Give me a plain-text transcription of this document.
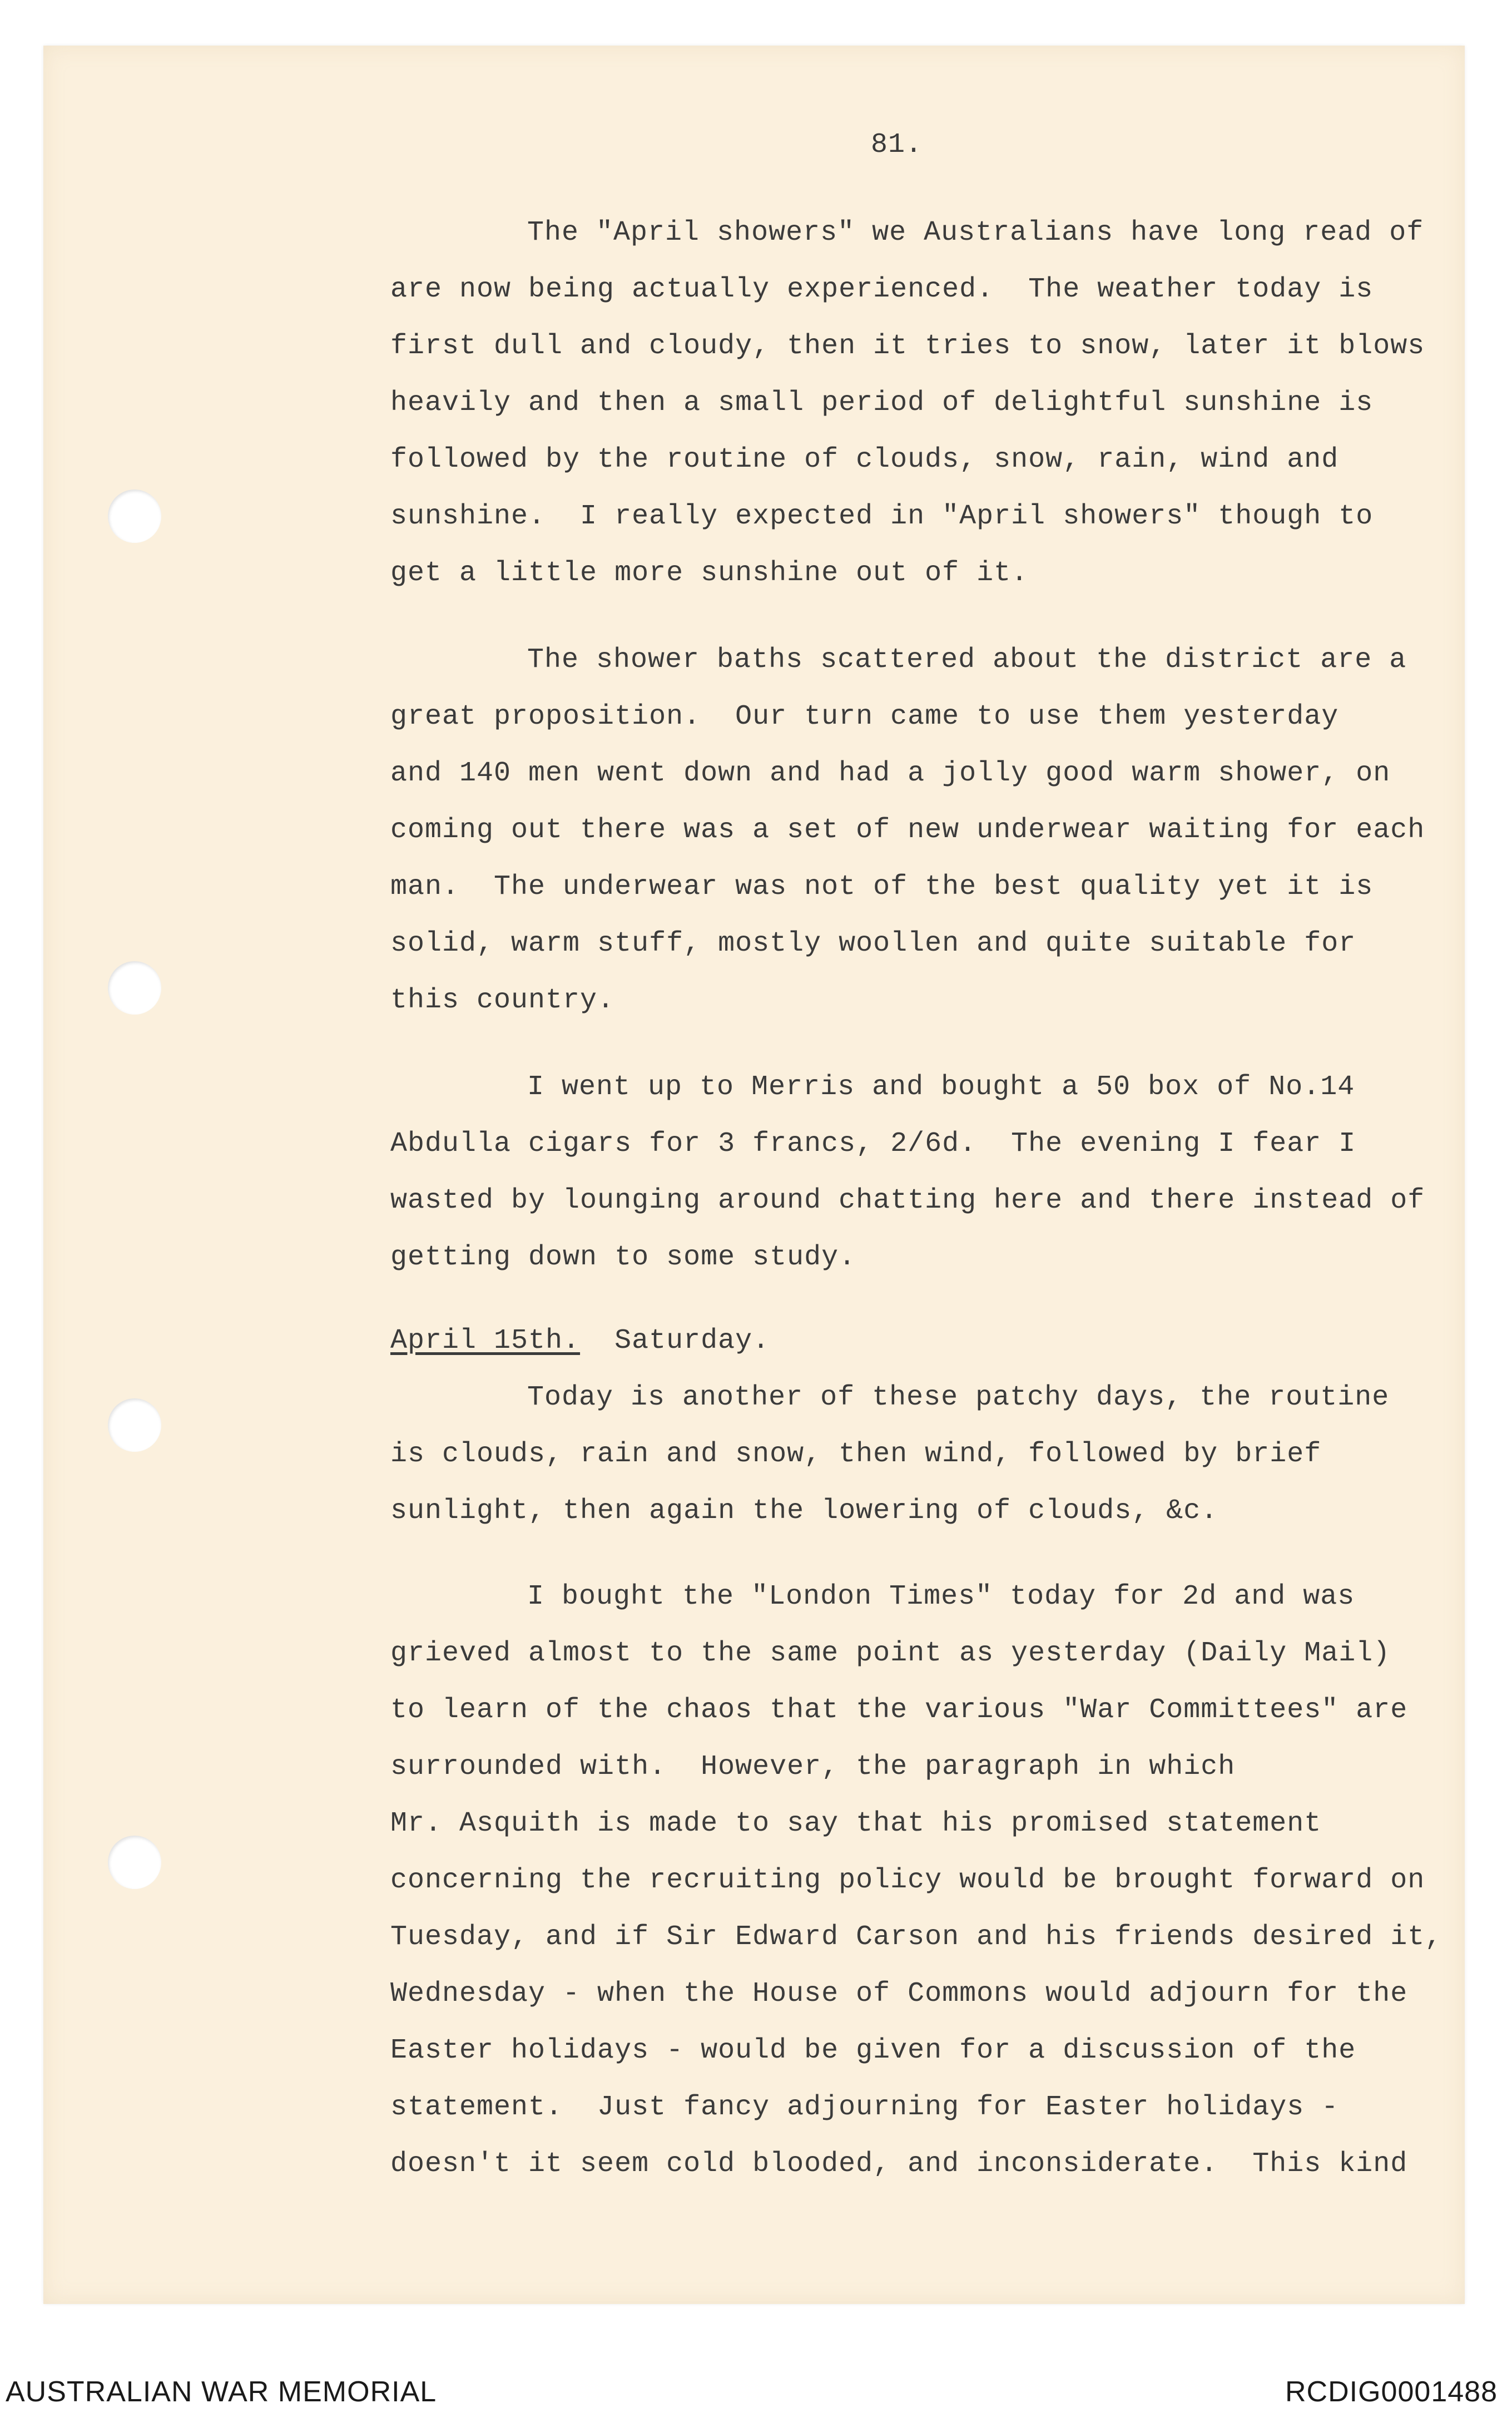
81.
The "April showers" we Australians have long read of
are now being actually experienced.  The weather today is
first dull and cloudy, then it tries to snow, later it blows
heavily and then a small period of delightful sunshine is
followed by the routine of clouds, snow, rain, wind and
sunshine.  I really expected in "April showers" though to
get a little more sunshine out of it.
The shower baths scattered about the district are a
great proposition.  Our turn came to use them yesterday
and 140 men went down and had a jolly good warm shower, on
coming out there was a set of new underwear waiting for each
man.  The underwear was not of the best quality yet it is
solid, warm stuff, mostly woollen and quite suitable for
this country.
I went up to Merris and bought a 50 box of No.14
Abdulla cigars for 3 francs, 2/6d.  The evening I fear I
wasted by lounging around chatting here and there instead of
getting down to some study.
April 15th. Saturday.
Today is another of these patchy days, the routine
is clouds, rain and snow, then wind, followed by brief
sunlight, then again the lowering of clouds, &c.
I bought the "London Times" today for 2d and was
grieved almost to the same point as yesterday (Daily Mail)
to learn of the chaos that the various "War Committees" are
surrounded with.  However, the paragraph in which
Mr. Asquith is made to say that his promised statement
concerning the recruiting policy would be brought forward on
Tuesday, and if Sir Edward Carson and his friends desired it,
Wednesday - when the House of Commons would adjourn for the
Easter holidays - would be given for a discussion of the
statement.  Just fancy adjourning for Easter holidays -
doesn't it seem cold blooded, and inconsiderate.  This kind
AUSTRALIAN WAR MEMORIAL	RCDIG0001488
